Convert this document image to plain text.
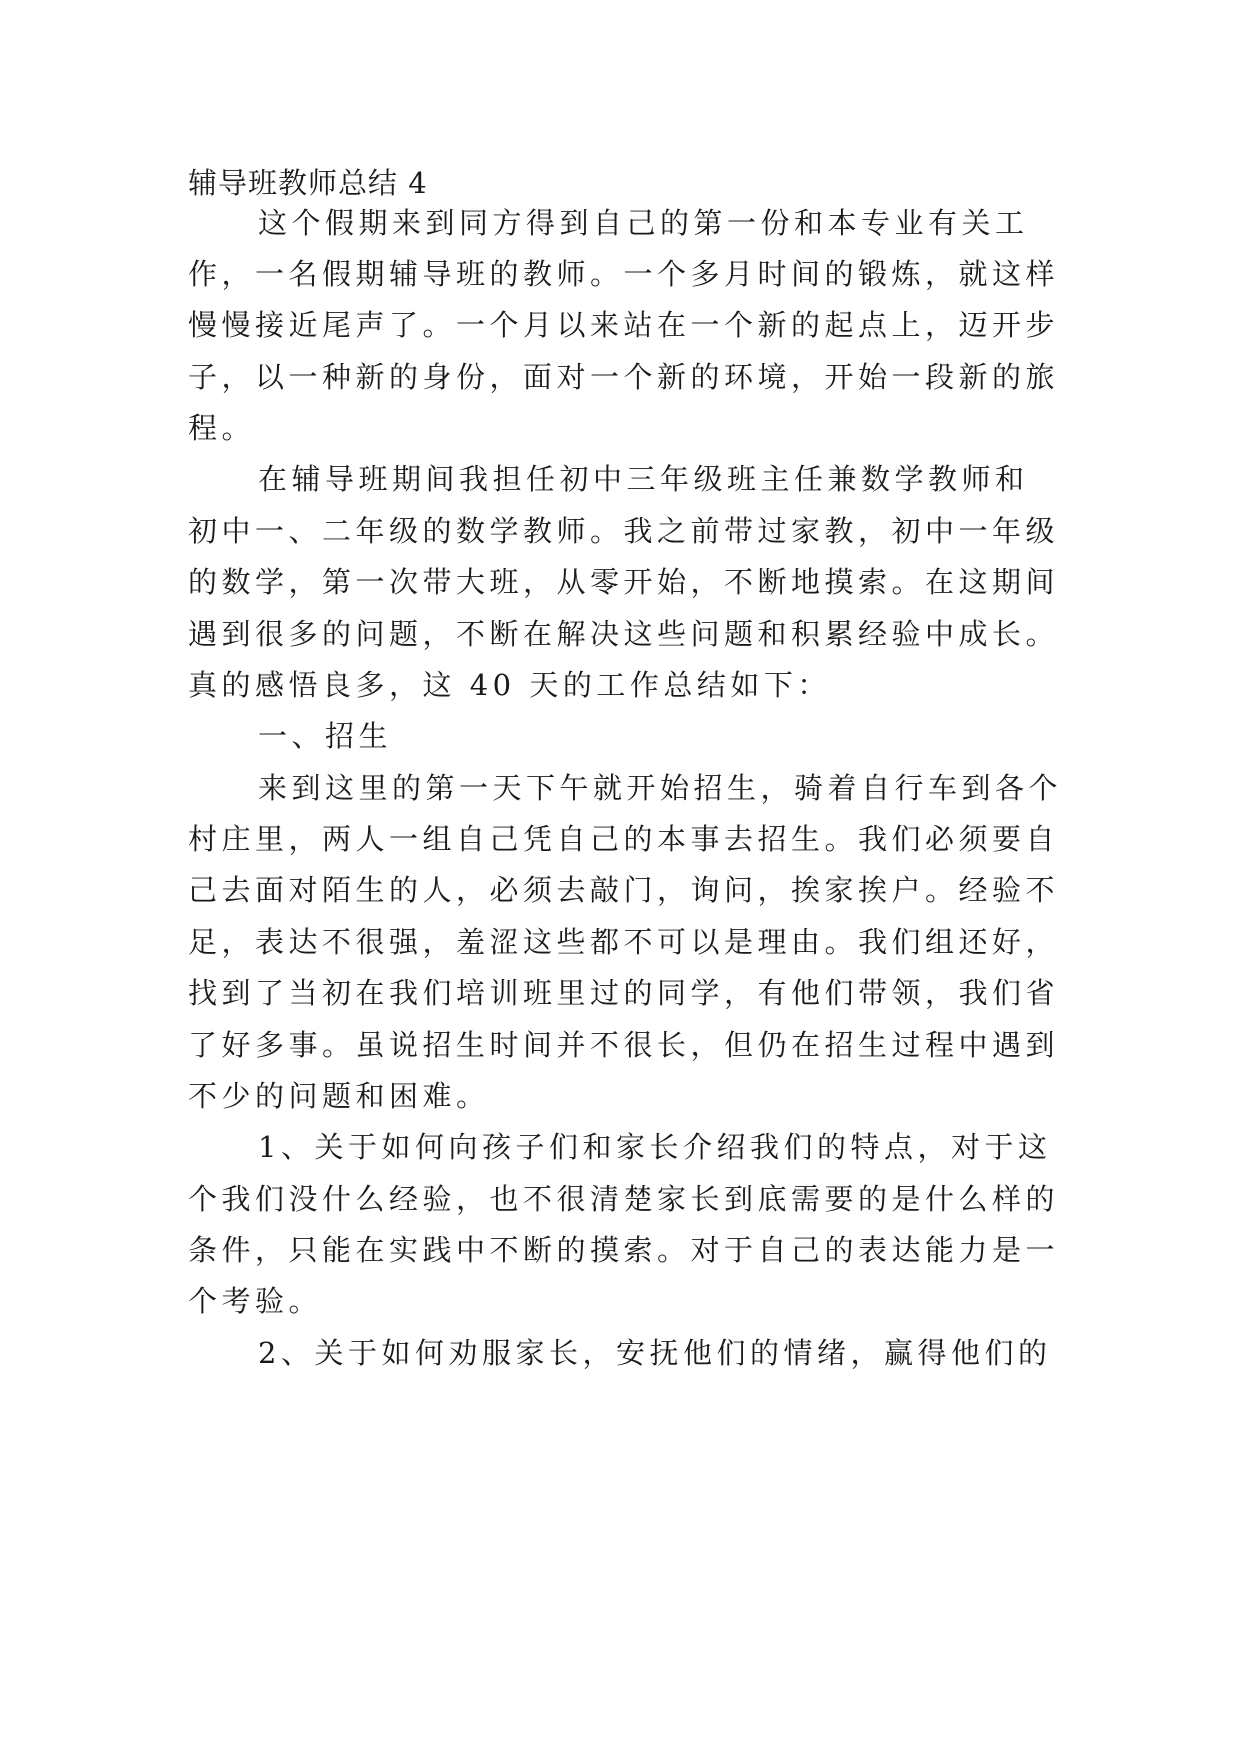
辅导班教师总结 4
这个假期来到同方得到自己的第一份和本专业有关工
作，一名假期辅导班的教师。一个多月时间的锻炼，就这样
慢慢接近尾声了。一个月以来站在一个新的起点上，迈开步
子，以一种新的身份，面对一个新的环境，开始一段新的旅
程。
在辅导班期间我担任初中三年级班主任兼数学教师和
初中一、二年级的数学教师。我之前带过家教，初中一年级
的数学，第一次带大班，从零开始，不断地摸索。在这期间
遇到很多的问题，不断在解决这些问题和积累经验中成长。
真的感悟良多，这 40 天的工作总结如下：
一、招生
来到这里的第一天下午就开始招生，骑着自行车到各个
村庄里，两人一组自己凭自己的本事去招生。我们必须要自
己去面对陌生的人，必须去敲门，询问，挨家挨户。经验不
足，表达不很强，羞涩这些都不可以是理由。我们组还好，
找到了当初在我们培训班里过的同学，有他们带领，我们省
了好多事。虽说招生时间并不很长，但仍在招生过程中遇到
不少的问题和困难。
1、关于如何向孩子们和家长介绍我们的特点，对于这
个我们没什么经验，也不很清楚家长到底需要的是什么样的
条件，只能在实践中不断的摸索。对于自己的表达能力是一
个考验。
2、关于如何劝服家长，安抚他们的情绪，赢得他们的
